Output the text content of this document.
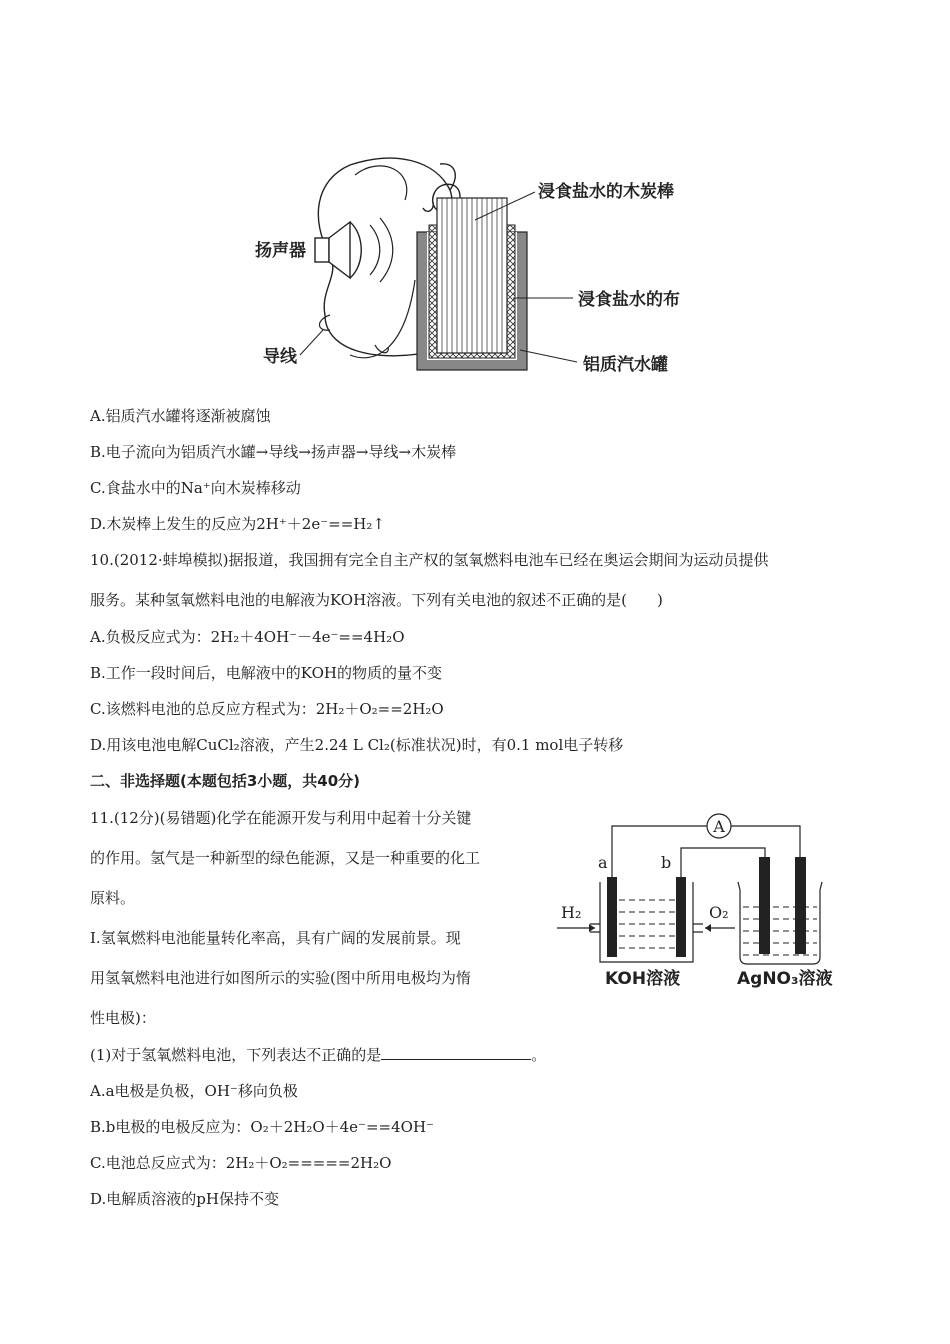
浸食盐水的木炭棒
扬声器
浸食盐水的布
导线	铝质汽水罐
A.铝质汽水罐将逐渐被腐蚀
B.电子流向为铝质汽水罐→导线→扬声器→导线→木炭棒
C.食盐水中的Na⁺向木炭棒移动
D.木炭棒上发生的反应为2H⁺＋2e⁻==H₂↑
10.(2012·蚌埠模拟)据报道，我国拥有完全自主产权的氢氧燃料电池车已经在奥运会期间为运动员提供
服务。某种氢氧燃料电池的电解液为KOH溶液。下列有关电池的叙述不正确的是(　　)
A.负极反应式为：2H₂＋4OH⁻－4e⁻==4H₂O
B.工作一段时间后，电解液中的KOH的物质的量不变
C.该燃料电池的总反应方程式为：2H₂＋O₂==2H₂O
D.用该电池电解CuCl₂溶液，产生2.24 L Cl₂(标准状况)时，有0.1 mol电子转移
二、非选择题(本题包括3小题，共40分)
11.(12分)(易错题)化学在能源开发与利用中起着十分关键
的作用。氢气是一种新型的绿色能源，又是一种重要的化工
原料。
Ⅰ.氢氧燃料电池能量转化率高，具有广阔的发展前景。现
用氢氧燃料电池进行如图所示的实验(图中所用电极均为惰
性电极)：
(1)对于氢氧燃料电池，下列表达不正确的是	。
A.a电极是负极，OH⁻移向负极
B.b电极的电极反应为：O₂＋2H₂O＋4e⁻==4OH⁻
C.电池总反应式为：2H₂＋O₂=====2H₂O
D.电解质溶液的pH保持不变
A
a	b
H₂	O₂
KOH溶液	AgNO₃溶液
